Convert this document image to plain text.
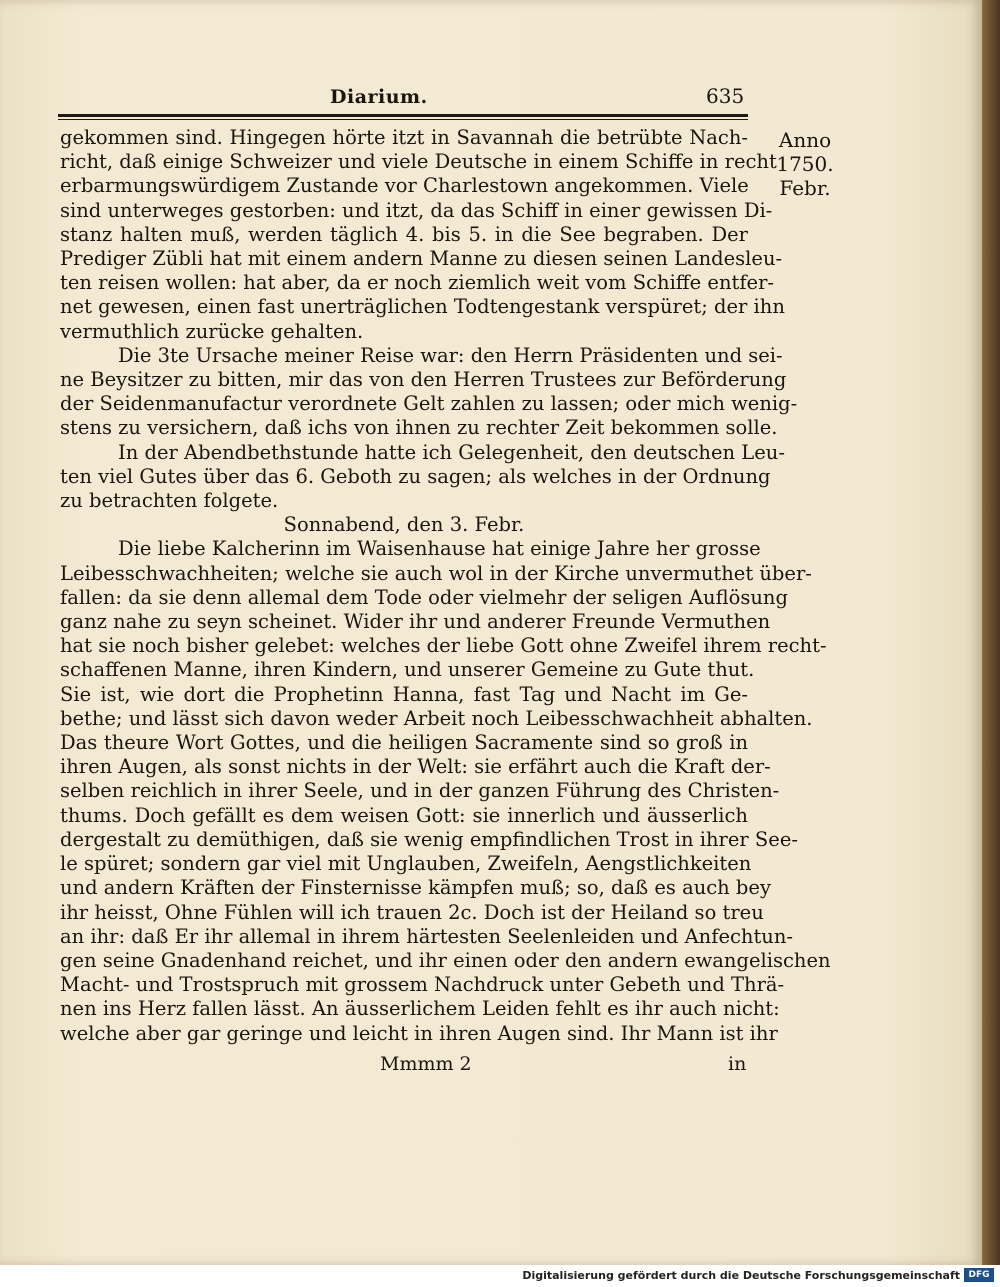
Diarium.	635
Anno
1750.
Febr.
gekommen sind. Hingegen hörte itzt in Savannah die betrübte Nach-
richt, daß einige Schweizer und viele Deutsche in einem Schiffe in recht
erbarmungswürdigem Zustande vor Charlestown angekommen. Viele
sind unterweges gestorben: und itzt, da das Schiff in einer gewissen Di-
stanz halten muß, werden täglich 4. bis 5. in die See begraben. Der
Prediger Zübli hat mit einem andern Manne zu diesen seinen Landesleu-
ten reisen wollen: hat aber, da er noch ziemlich weit vom Schiffe entfer-
net gewesen, einen fast unerträglichen Todtengestank verspüret; der ihn
vermuthlich zurücke gehalten.
Die 3te Ursache meiner Reise war: den Herrn Präsidenten und sei-
ne Beysitzer zu bitten, mir das von den Herren Trustees zur Beförderung
der Seidenmanufactur verordnete Gelt zahlen zu lassen; oder mich wenig-
stens zu versichern, daß ichs von ihnen zu rechter Zeit bekommen solle.
In der Abendbethstunde hatte ich Gelegenheit, den deutschen Leu-
ten viel Gutes über das 6. Geboth zu sagen; als welches in der Ordnung
zu betrachten folgete.
Sonnabend, den 3. Febr.
Die liebe Kalcherinn im Waisenhause hat einige Jahre her grosse
Leibesschwachheiten; welche sie auch wol in der Kirche unvermuthet über-
fallen: da sie denn allemal dem Tode oder vielmehr der seligen Auflösung
ganz nahe zu seyn scheinet. Wider ihr und anderer Freunde Vermuthen
hat sie noch bisher gelebet: welches der liebe Gott ohne Zweifel ihrem recht-
schaffenen Manne, ihren Kindern, und unserer Gemeine zu Gute thut.
Sie ist, wie dort die Prophetinn Hanna, fast Tag und Nacht im Ge-
bethe; und lässt sich davon weder Arbeit noch Leibesschwachheit abhalten.
Das theure Wort Gottes, und die heiligen Sacramente sind so groß in
ihren Augen, als sonst nichts in der Welt: sie erfährt auch die Kraft der-
selben reichlich in ihrer Seele, und in der ganzen Führung des Christen-
thums. Doch gefällt es dem weisen Gott: sie innerlich und äusserlich
dergestalt zu demüthigen, daß sie wenig empfindlichen Trost in ihrer See-
le spüret; sondern gar viel mit Unglauben, Zweifeln, Aengstlichkeiten
und andern Kräften der Finsternisse kämpfen muß; so, daß es auch bey
ihr heisst, Ohne Fühlen will ich trauen 2c. Doch ist der Heiland so treu
an ihr: daß Er ihr allemal in ihrem härtesten Seelenleiden und Anfechtun-
gen seine Gnadenhand reichet, und ihr einen oder den andern ewangelischen
Macht- und Trostspruch mit grossem Nachdruck unter Gebeth und Thrä-
nen ins Herz fallen lässt. An äusserlichem Leiden fehlt es ihr auch nicht:
welche aber gar geringe und leicht in ihren Augen sind. Ihr Mann ist ihr
Mmmm 2	in
Digitalisierung gefördert durch die Deutsche Forschungsgemeinschaft DFG
